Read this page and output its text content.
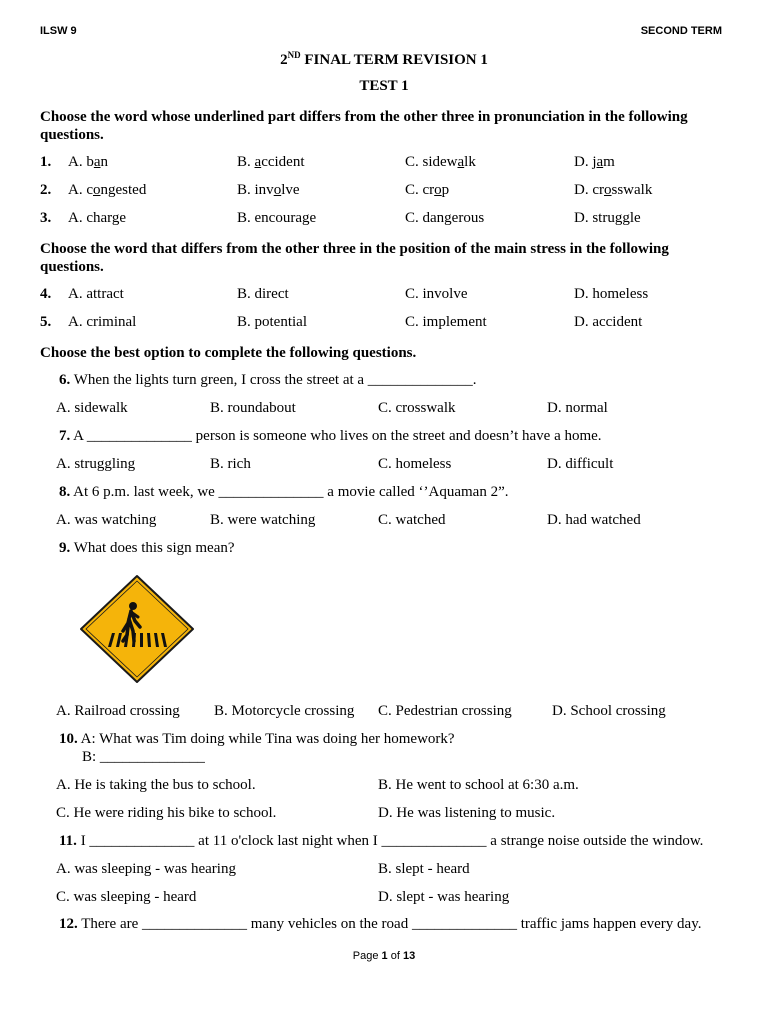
ILSW 9	SECOND TERM
2ND FINAL TERM REVISION 1
TEST 1
Choose the word whose underlined part differs from the other three in pronunciation in the following questions.
1. A. ban	B. accident	C. sidewalk	D. jam
2. A. congested	B. involve	C. crop	D. crosswalk
3. A. charge	B. encourage	C. dangerous	D. struggle
Choose the word that differs from the other three in the position of the main stress in the following questions.
4. A. attract	B. direct	C. involve	D. homeless
5. A. criminal	B. potential	C. implement	D. accident
Choose the best option to complete the following questions.
6. When the lights turn green, I cross the street at a ______________.
A. sidewalk	B. roundabout	C. crosswalk	D. normal
7. A ______________ person is someone who lives on the street and doesn’t have a home.
A. struggling	B. rich	C. homeless	D. difficult
8. At 6 p.m. last week, we ______________ a movie called ‘’Aquaman 2”.
A. was watching	B. were watching	C. watched	D. had watched
9. What does this sign mean?
A. Railroad crossing B. Motorcycle crossing C. Pedestrian crossing	D. School crossing
10. A: What was Tim doing while Tina was doing her homework?
B: ______________
A. He is taking the bus to school.	B. He went to school at 6:30 a.m.
C. He were riding his bike to school.	D. He was listening to music.
11. I ______________ at 11 o'clock last night when I ______________ a strange noise outside the window.
A. was sleeping - was hearing	B. slept - heard
C. was sleeping - heard	D. slept - was hearing
12. There are ______________ many vehicles on the road ______________ traffic jams happen every day.
Page 1 of 13
